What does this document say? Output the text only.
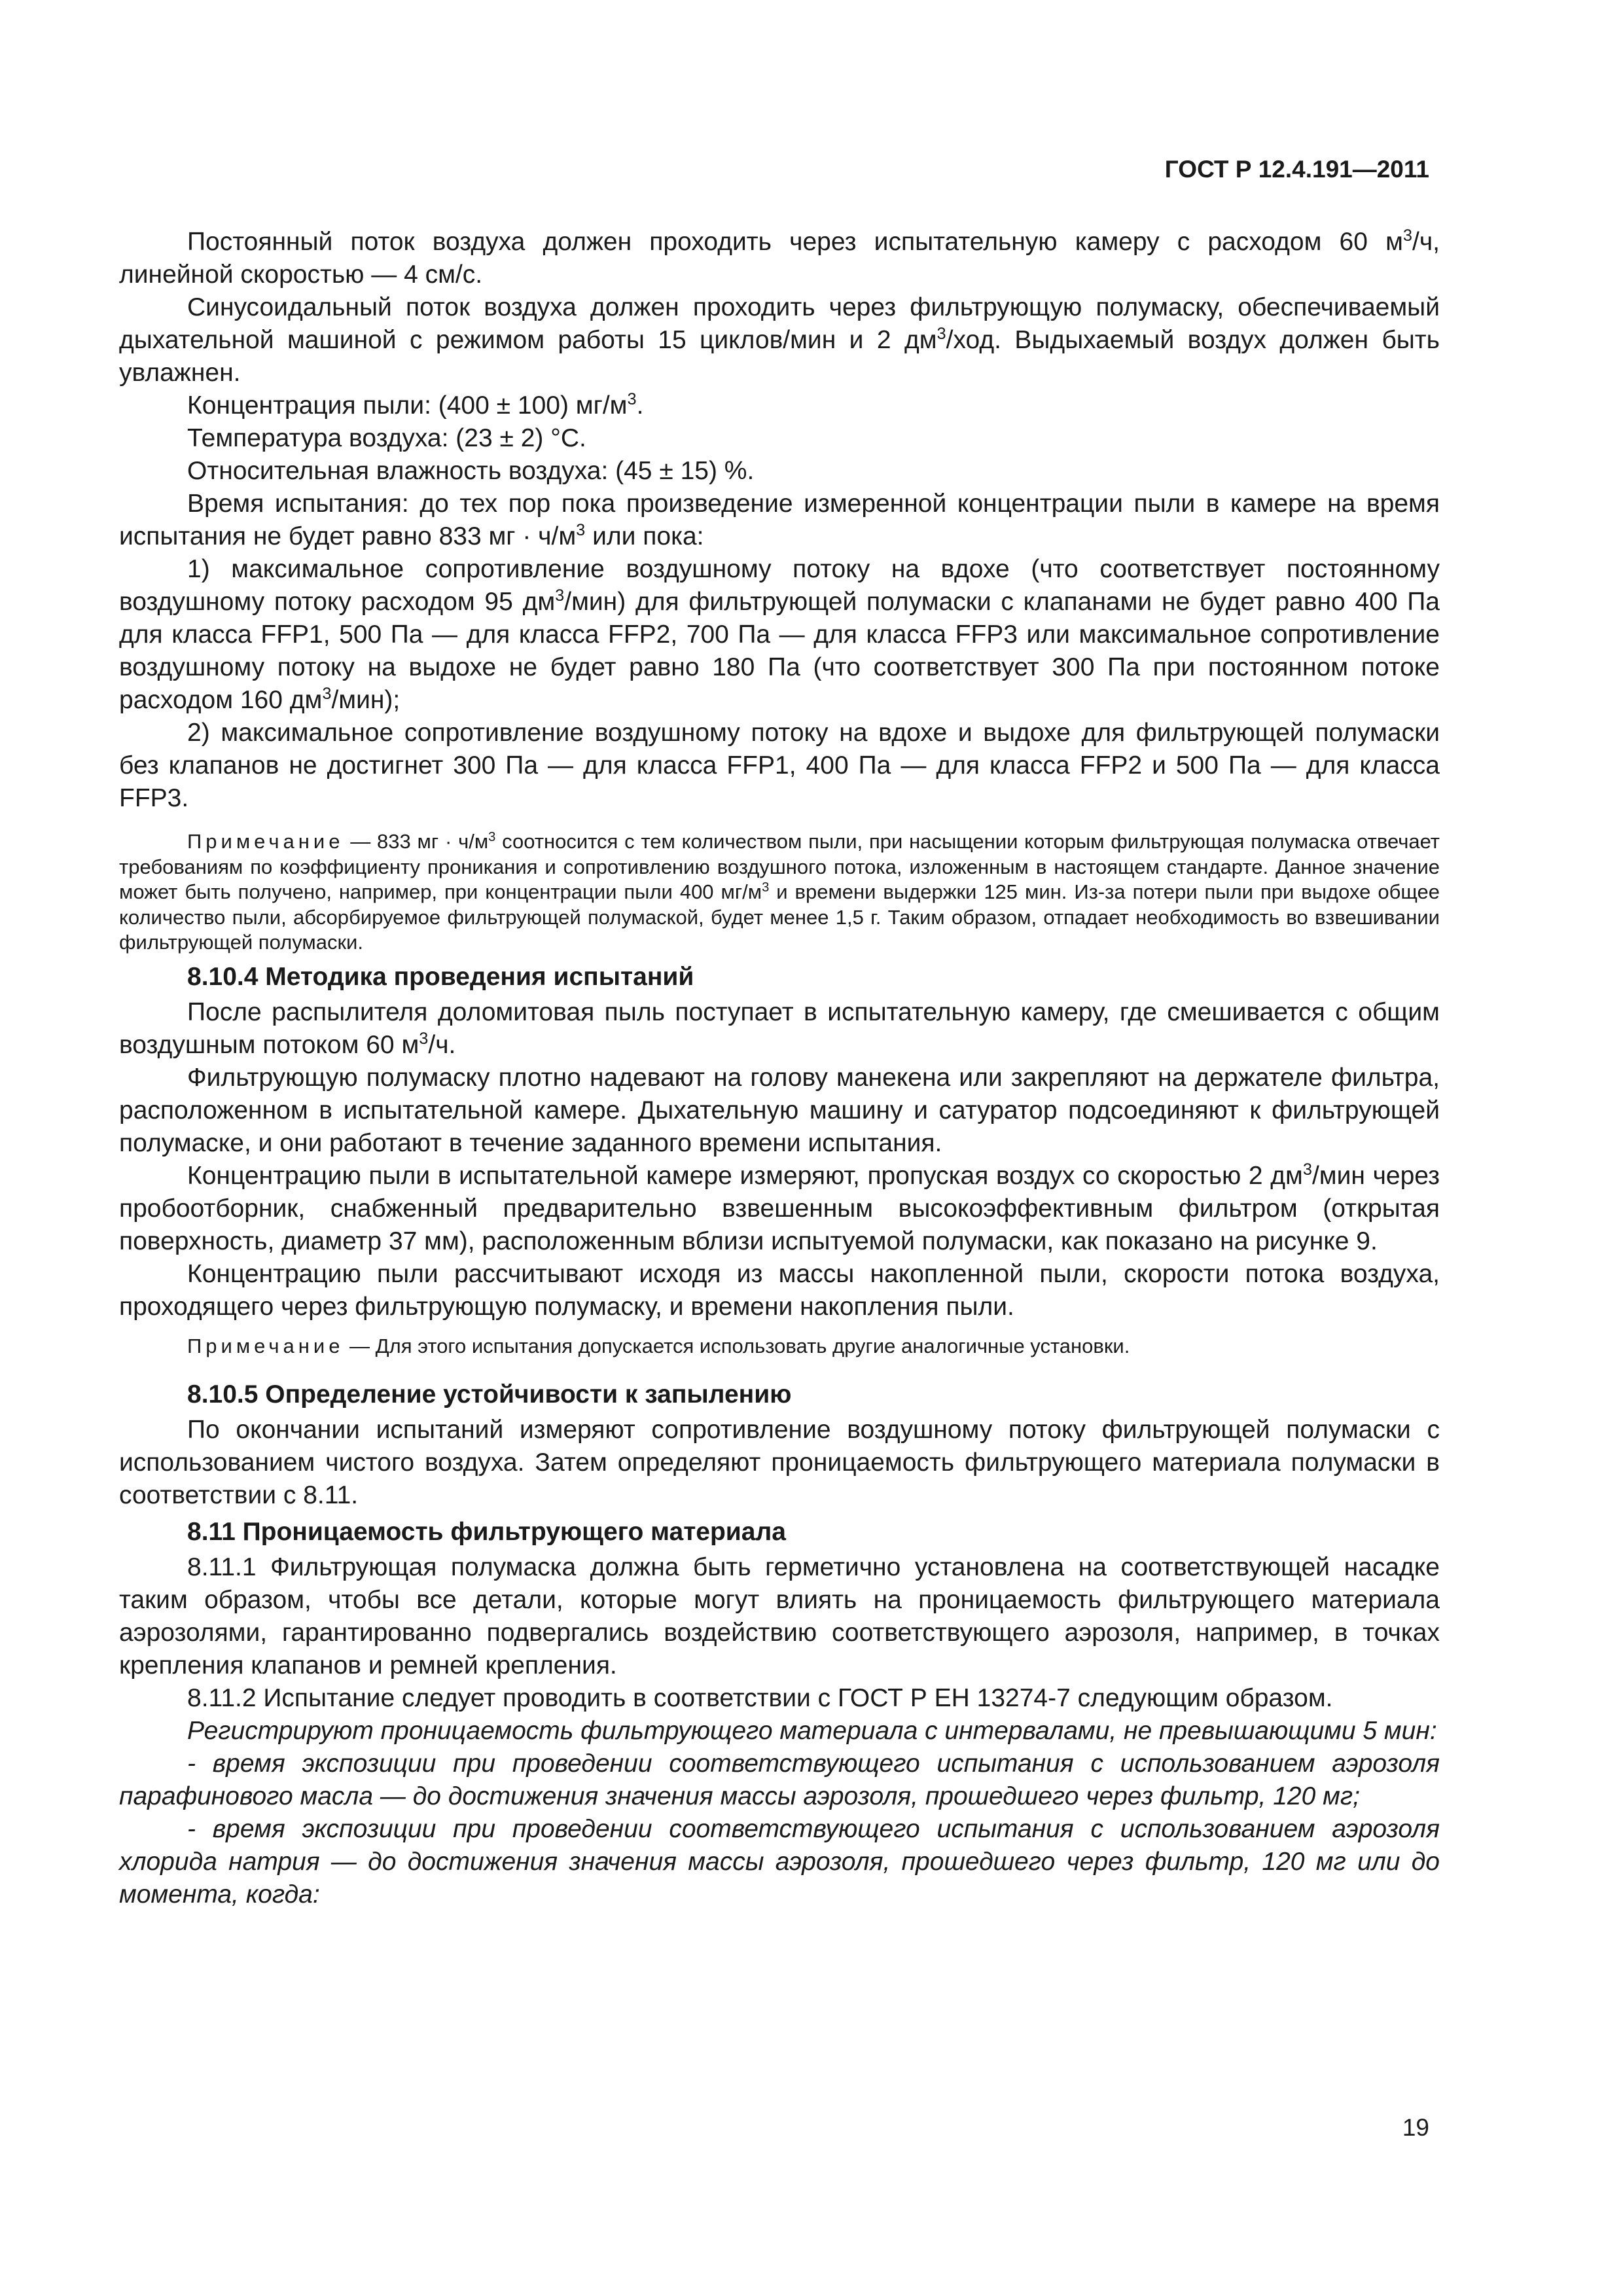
ГОСТ Р 12.4.191—2011

Постоянный поток воздуха должен проходить через испытательную камеру с расходом 60 $м^3/ч$, линейной скоростью — 4 см/с.

Синусоидальный поток воздуха должен проходить через фильтрующую полумаску, обеспечиваемый дыхательной машиной с режимом работы 15 циклов/мин и 2 $дм^3$/ход. Выдыхаемый воздух должен быть увлажнен.

Концентрация пыли: (400 ± 100) $мг/м^3$.

Температура воздуха: (23 ± 2) °С.

Относительная влажность воздуха: (45 ± 15) %.

Время испытания: до тех пор пока произведение измеренной концентрации пыли в камере на время испытания не будет равно 833 мг · $ч/м^3$ или пока:

1) максимальное сопротивление воздушному потоку на вдохе (что соответствует постоянному воздушному потоку расходом 95 $дм^3/мин$) для фильтрующей полумаски с клапанами не будет равно 400 Па для класса FFP1, 500 Па — для класса FFP2, 700 Па — для класса FFP3 или максимальное сопротивление воздушному потоку на выдохе не будет равно 180 Па (что соответствует 300 Па при постоянном потоке расходом 160 $дм^3/мин$);

2) максимальное сопротивление воздушному потоку на вдохе и выдохе для фильтрующей полумаски без клапанов не достигнет 300 Па — для класса FFP1, 400 Па — для класса FFP2 и 500 Па — для класса FFP3.

Примечание — 833 мг · $ч/м^3$ соотносится с тем количеством пыли, при насыщении которым фильтрующая полумаска отвечает требованиям по коэффициенту проникания и сопротивлению воздушного потока, изложенным в настоящем стандарте. Данное значение может быть получено, например, при концентрации пыли 400 $мг/м^3$ и времени выдержки 125 мин. Из-за потери пыли при выдохе общее количество пыли, абсорбируемое фильтрующей полумаской, будет менее 1,5 г. Таким образом, отпадает необходимость во взвешивании фильтрующей полумаски.

8.10.4 Методика проведения испытаний

После распылителя доломитовая пыль поступает в испытательную камеру, где смешивается с общим воздушным потоком 60 $м^3/ч$.

Фильтрующую полумаску плотно надевают на голову манекена или закрепляют на держателе фильтра, расположенном в испытательной камере. Дыхательную машину и сатуратор подсоединяют к фильтрующей полумаске, и они работают в течение заданного времени испытания.

Концентрацию пыли в испытательной камере измеряют, пропуская воздух со скоростью 2 $дм^3$/мин через пробоотборник, снабженный предварительно взвешенным высокоэффективным фильтром (открытая поверхность, диаметр 37 мм), расположенным вблизи испытуемой полумаски, как показано на рисунке 9.

Концентрацию пыли рассчитывают исходя из массы накопленной пыли, скорости потока воздуха, проходящего через фильтрующую полумаску, и времени накопления пыли.

Примечание — Для этого испытания допускается использовать другие аналогичные установки.

8.10.5 Определение устойчивости к запылению

По окончании испытаний измеряют сопротивление воздушному потоку фильтрующей полумаски с использованием чистого воздуха. Затем определяют проницаемость фильтрующего материала полумаски в соответствии с 8.11.

8.11 Проницаемость фильтрующего материала

8.11.1 Фильтрующая полумаска должна быть герметично установлена на соответствующей насадке таким образом, чтобы все детали, которые могут влиять на проницаемость фильтрующего материала аэрозолями, гарантированно подвергались воздействию соответствующего аэрозоля, например, в точках крепления клапанов и ремней крепления.

8.11.2 Испытание следует проводить в соответствии с ГОСТ Р ЕН 13274-7 следующим образом.

Регистрируют проницаемость фильтрующего материала с интервалами, не превышающими 5 мин:

- время экспозиции при проведении соответствующего испытания с использованием аэрозоля парафинового масла — до достижения значения массы аэрозоля, прошедшего через фильтр, 120 мг;

- время экспозиции при проведении соответствующего испытания с использованием аэрозоля хлорида натрия — до достижения значения массы аэрозоля, прошедшего через фильтр, 120 мг или до момента, когда:

19
